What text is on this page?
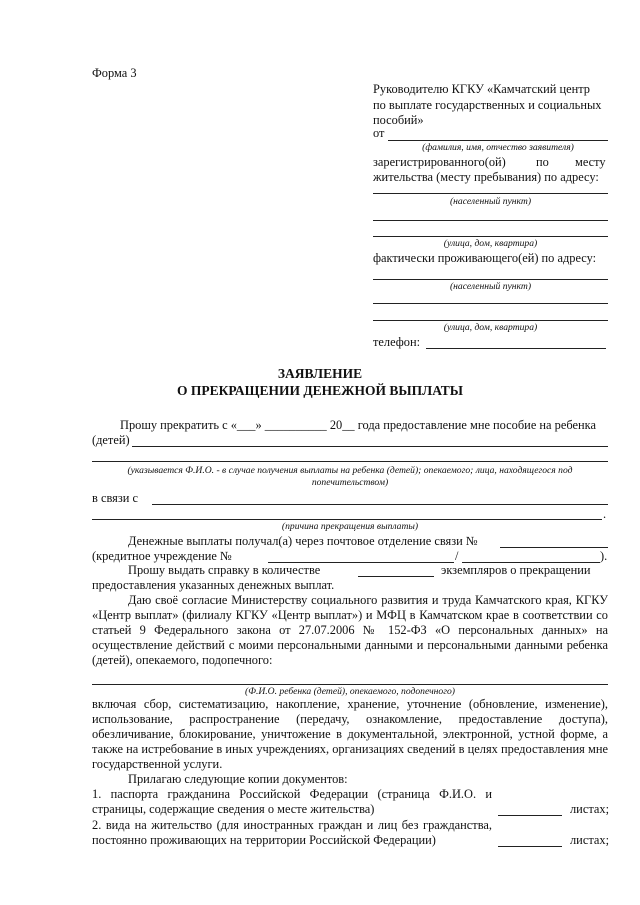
Форма 3
Руководителю КГКУ «Камчатский центр
по выплате государственных и социальных
пособий»
от
(фамилия, имя, отчество заявителя)
зарегистрированного(ой) по месту
жительства (месту пребывания) по адресу:
(населенный пункт)
(улица, дом, квартира)
фактически проживающего(ей) по адресу:
(населенный пункт)
(улица, дом, квартира)
телефон:
ЗАЯВЛЕНИЕ
О ПРЕКРАЩЕНИИ ДЕНЕЖНОЙ ВЫПЛАТЫ
Прошу прекратить с «___» __________ 20__ года предоставление мне пособие на ребенка
(детей)
(указывается Ф.И.О. - в случае получения выплаты на ребенка (детей); опекаемого; лица, находящегося под
попечительством)
в связи с
.
(причина прекращения выплаты)
Денежные выплаты получал(а) через почтовое отделение связи №
(кредитное учреждение №	/	).
Прошу выдать справку в количестве	экземпляров о прекращении
предоставления указанных денежных выплат.
Даю своё согласие Министерству социального развития и труда Камчатского края, КГКУ «Центр выплат» (филиалу КГКУ «Центр выплат») и МФЦ в Камчатском крае в соответствии со статьей 9 Федерального закона от 27.07.2006 № 152-ФЗ «О персональных данных» на осуществление действий с моими персональными данными и персональными данными ребенка (детей), опекаемого, подопечного:
(Ф.И.О. ребенка (детей), опекаемого, подопечного)
включая сбор, систематизацию, накопление, хранение, уточнение (обновление, изменение), использование, распространение (передачу, ознакомление, предоставление доступа), обезличивание, блокирование, уничтожение в документальной, электронной, устной форме, а также на истребование в иных учреждениях, организациях сведений в целях предоставления мне государственной услуги.
Прилагаю следующие копии документов:
1. паспорта гражданина Российской Федерации (страница Ф.И.О. и страницы, содержащие сведения о месте жительства)	листах;
2. вида на жительство (для иностранных граждан и лиц без гражданства, постоянно проживающих на территории Российской Федерации)	листах;
